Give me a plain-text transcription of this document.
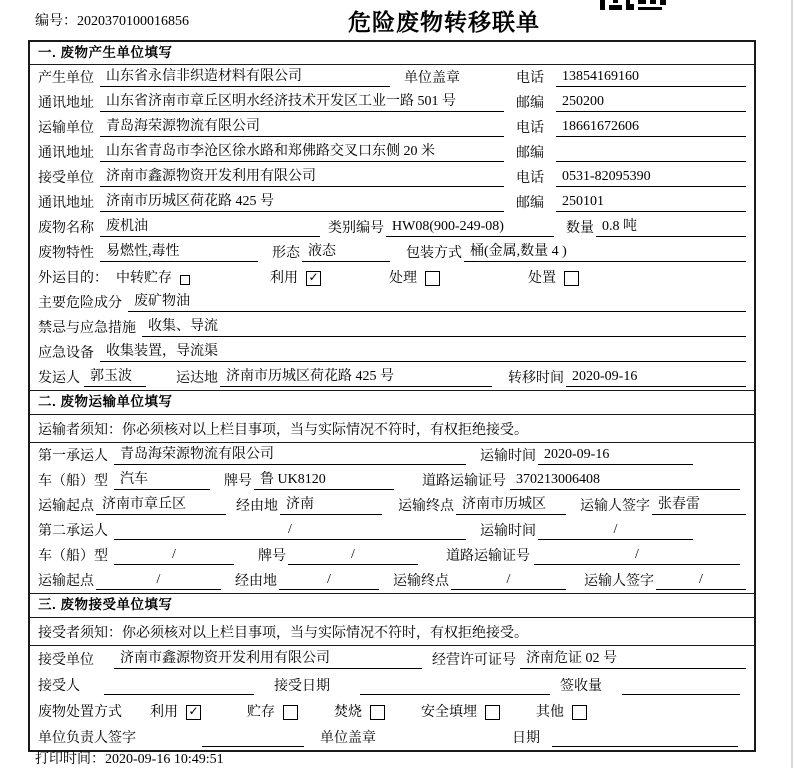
编号：2020370100016856	危险废物转移联单
一. 废物产生单位填写
产生单位 山东省永信非织造材料有限公司	单位盖章	电话	13854169160
通讯地址 山东省济南市章丘区明水经济技术开发区工业一路 501 号	邮编	250200
运输单位 青岛海荣源物流有限公司	电话	18661672606
通讯地址 山东省青岛市李沧区徐水路和郑佛路交叉口东侧 20 米	邮编
接受单位 济南市鑫源物资开发利用有限公司	电话	0531-82095390
通讯地址 济南市历城区荷花路 425 号	邮编	250101
废物名称 废机油	类别编号 HW08(900-249-08)	数量 0.8 吨
废物特性 易燃性,毒性	形态 液态	包装方式 桶(金属,数量 4 )
外运目的： 中转贮存	利用 ✓	处理	处置
主要危险成分 废矿物油
禁忌与应急措施 收集、导流
应急设备 收集装置，导流渠
发运人 郭玉波	运达地 济南市历城区荷花路 425 号	转移时间 2020-09-16
二. 废物运输单位填写
运输者须知：你必须核对以上栏目事项，当与实际情况不符时，有权拒绝接受。
第一承运人 青岛海荣源物流有限公司	运输时间 2020-09-16
车（船）型 汽车	牌号 鲁 UK8120	道路运输证号 370213006408
运输起点 济南市章丘区	经由地 济南	运输终点 济南市历城区	运输人签字 张春雷
第二承运人	/	运输时间	/
车（船）型	/	牌号	/	道路运输证号	/
运输起点	/	经由地	/	运输终点	/	运输人签字	/
三. 废物接受单位填写
接受者须知：你必须核对以上栏目事项，当与实际情况不符时，有权拒绝接受。
接受单位	济南市鑫源物资开发利用有限公司	经营许可证号 济南危证 02 号
接受人	接受日期	签收量
废物处置方式	利用 ✓	贮存	焚烧	安全填埋	其他
单位负责人签字	单位盖章	日期
打印时间：2020-09-16 10:49:51
